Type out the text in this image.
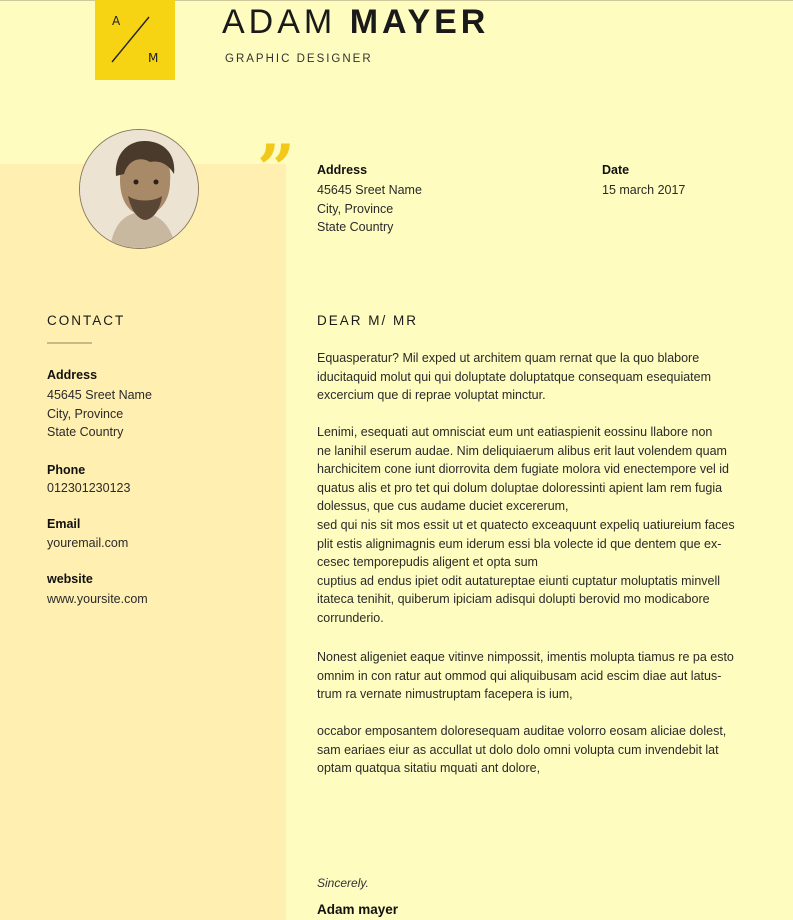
A
M
ADAM MAYER
GRAPHIC DESIGNER
” Address
45645 Sreet Name
City, Province
State Country
Date
15 march 2017
CONTACT
Address
45645 Sreet Name
City, Province
State Country
Phone
012301230123
Email
youremail.com
website
www.yoursite.com
DEAR M/ MR
Equasperatur? Mil exped ut architem quam rernat que la quo blabore
iducitaquid molut qui qui doluptate doluptatque consequam esequiatem
excercium que di reprae voluptat minctur.
Lenimi, esequati aut omnisciat eum unt eatiaspienit eossinu llabore non
ne lanihil eserum audae. Nim deliquiaerum alibus erit laut volendem quam
harchicitem cone iunt diorrovita dem fugiate molora vid enectempore vel id
quatus alis et pro tet qui dolum doluptae doloressinti apient lam rem fugia
dolessus, que cus audame duciet excererum,
sed qui nis sit mos essit ut et quatecto exceaquunt expeliq uatiureium faces
plit estis alignimagnis eum iderum essi bla volecte id que dentem que ex-
cesec temporepudis aligent et opta sum
cuptius ad endus ipiet odit autatureptae eiunti cuptatur moluptatis minvell
itateca tenihit, quiberum ipiciam adisqui dolupti berovid mo modicabore
corrunderio.
Nonest aligeniet eaque vitinve nimpossit, imentis molupta tiamus re pa esto
omnim in con ratur aut ommod qui aliquibusam acid escim diae aut latus-
trum ra vernate nimustruptam facepera is ium,
occabor emposantem doloresequam auditae volorro eosam aliciae dolest,
sam eariaes eiur as accullat ut dolo dolo omni volupta cum invendebit lat
optam quatqua sitatiu mquati ant dolore,
Sincerely.
Adam mayer
